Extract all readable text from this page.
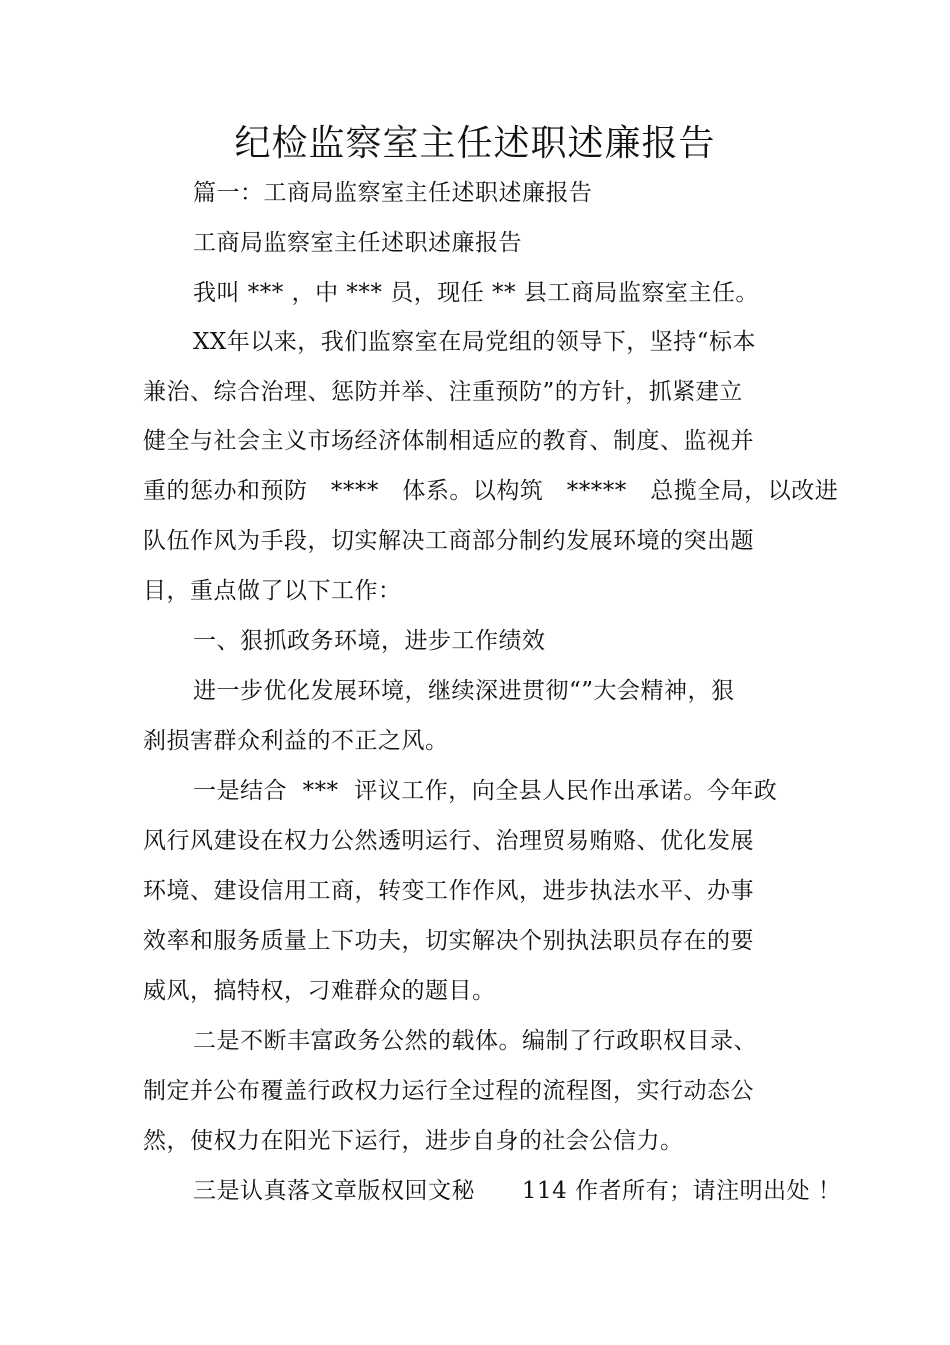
纪检监察室主任述职述廉报告
篇一：工商局监察室主任述职述廉报告
工商局监察室主任述职述廉报告
我叫 *** ，中 *** 员，现任 ** 县工商局监察室主任。
XX年以来，我们监察室在局党组的领导下，坚持“标本
兼治、综合治理、惩防并举、注重预防”的方针，抓紧建立
健全与社会主义市场经济体制相适应的教育、制度、监视并
重的惩办和预防   ****   体系。以构筑   *****   总揽全局，以改进
队伍作风为手段，切实解决工商部分制约发展环境的突出题
目，重点做了以下工作：
一、狠抓政务环境，进步工作绩效
进一步优化发展环境，继续深进贯彻“”大会精神，狠
刹损害群众利益的不正之风。
一是结合  ***  评议工作，向全县人民作出承诺。今年政
风行风建设在权力公然透明运行、治理贸易贿赂、优化发展
环境、建设信用工商，转变工作作风，进步执法水平、办事
效率和服务质量上下功夫，切实解决个别执法职员存在的要
威风，搞特权，刁难群众的题目。
二是不断丰富政务公然的载体。编制了行政职权目录、
制定并公布覆盖行政权力运行全过程的流程图，实行动态公
然，使权力在阳光下运行，进步自身的社会公信力。
三是认真落文章版权回文秘      114 作者所有；请注明出处 ！
